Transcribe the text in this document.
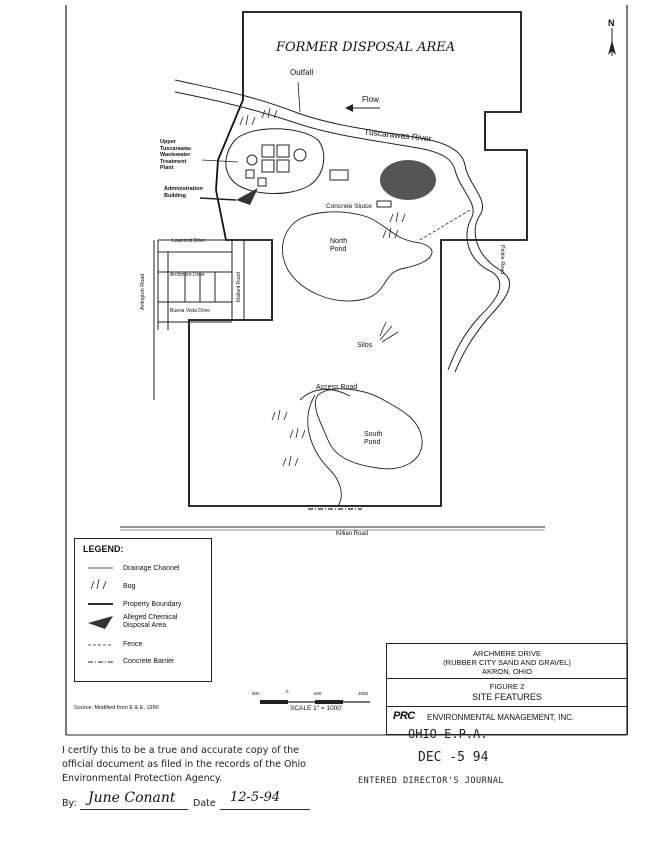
N
FORMER DISPOSAL AREA
Outfall
Flow
Tuscarawas River
Upper
Tuscarawas
Wastewater
Treatment
Plant
Administration
Building
Concrete Sluice
North
Pond
Silos
Access Road
South
Pond
Killian Road
Pickle Road
Arlington Road
Lowcrest Drive
Archmere Drive
Buena Vista Drive
Mallard Road
LEGEND:
Drainage Channel
Bog
Property Boundary
Alleged Chemical Disposal Area
Fence
Concrete Barrier
Source: Modified from E & E, 1990
500	0	500	1000
SCALE 1" = 1000'
ARCHMERE DRIVE
(RUBBER CITY SAND AND GRAVEL)
AKRON, OHIO
FIGURE 2
SITE FEATURES
PRC ENVIRONMENTAL MANAGEMENT, INC.
I certify this to be a true and accurate copy of the official document as filed in the records of the Ohio Environmental Protection Agency.
By: June Conant Date 12-5-94
OHIO E.P.A.
DEC -5 94
ENTERED DIRECTOR'S JOURNAL
